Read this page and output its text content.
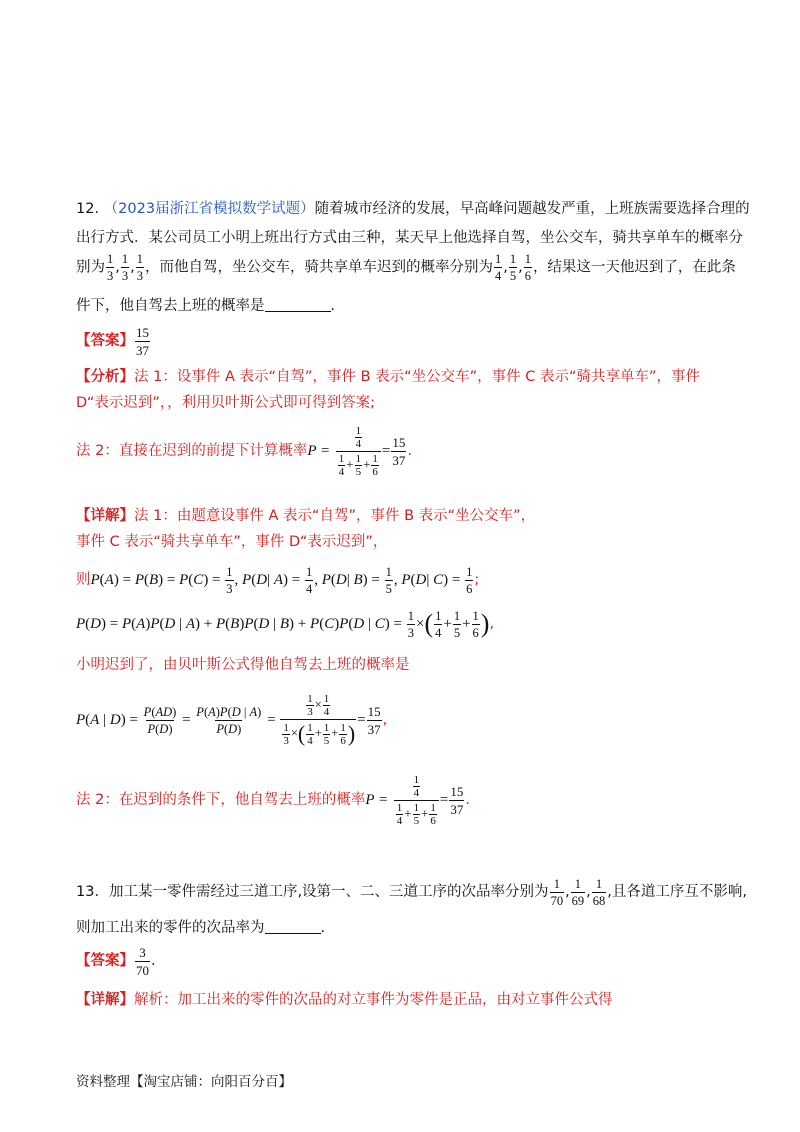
12. （2023届浙江省模拟数学试题）随着城市经济的发展，早高峰问题越发严重，上班族需要选择合理的
出行方式．某公司员工小明上班出行方式由三种，某天早上他选择自驾，坐公交车，骑共享单车的概率分
别为 $\frac{1}{3}$ , $\frac{1}{3}$ , $\frac{1}{3}$ ，而他自驾，坐公交车，骑共享单车迟到的概率分别为 $\frac{1}{4}$ , $\frac{1}{5}$ , $\frac{1}{6}$ ，结果这一天他迟到了，在此条
件下，他自驾去上班的概率是	．
【答案】 $\frac{15}{37}$
【分析】法 1：设事件 A 表示“自驾”，事件 B 表示“坐公交车”，事件 C 表示“骑共享单车”，事件
D“表示迟到”，，利用贝叶斯公式即可得到答案;
法 2：直接在迟到的前提下计算概率$P = \frac{\frac{1}{4}}{\frac{1}{4} + \frac{1}{5} + \frac{1}{6}} = \frac{15}{37}$ .
【详解】法 1：由题意设事件 A 表示“自驾”，事件 B 表示“坐公交车”，
事件 C 表示“骑共享单车”，事件 D“表示迟到”，
则$P(A) = P(B) = P(C) = \frac{1}{3}$ , P(D| $A) = \frac{1}{4}$ , P(D| $B) = \frac{1}{5}$ , P(D| $C) = \frac{1}{6}$ ;
P(D) = P(A)P(D | A) + P(B)P(D | B) + P(C)P(D | $C) = \frac{1}{3}$ ×( $\frac{1}{4} + \frac{1}{5} + \frac{1}{6}$ ),
小明迟到了，由贝叶斯公式得他自驾去上班的概率是
P(A | $D) = \frac{P(AD)}{P(D)} = \frac{P(A)P(D | A)}{P(D)} = \frac{\frac{1}{3} \times \frac{1}{4}}{\frac{1}{3} \times( \frac{1}{4} + \frac{1}{5} + \frac{1}{6} )} = \frac{15}{37}$ ,
法 2：在迟到的条件下，他自驾去上班的概率$P = \frac{\frac{1}{4}}{\frac{1}{4} + \frac{1}{5} + \frac{1}{6}} = \frac{15}{37}$ .
13．加工某一零件需经过三道工序,设第一、二、三道工序的次品率分别为 $\frac{1}{70}$ , $\frac{1}{69}$ , $\frac{1}{68}$ ,且各道工序互不影响,
则加工出来的零件的次品率为	.
【答案】 $\frac{3}{70}$ .
【详解】解析：加工出来的零件的次品的对立事件为零件是正品，由对立事件公式得
资料整理【淘宝店铺：向阳百分百】
